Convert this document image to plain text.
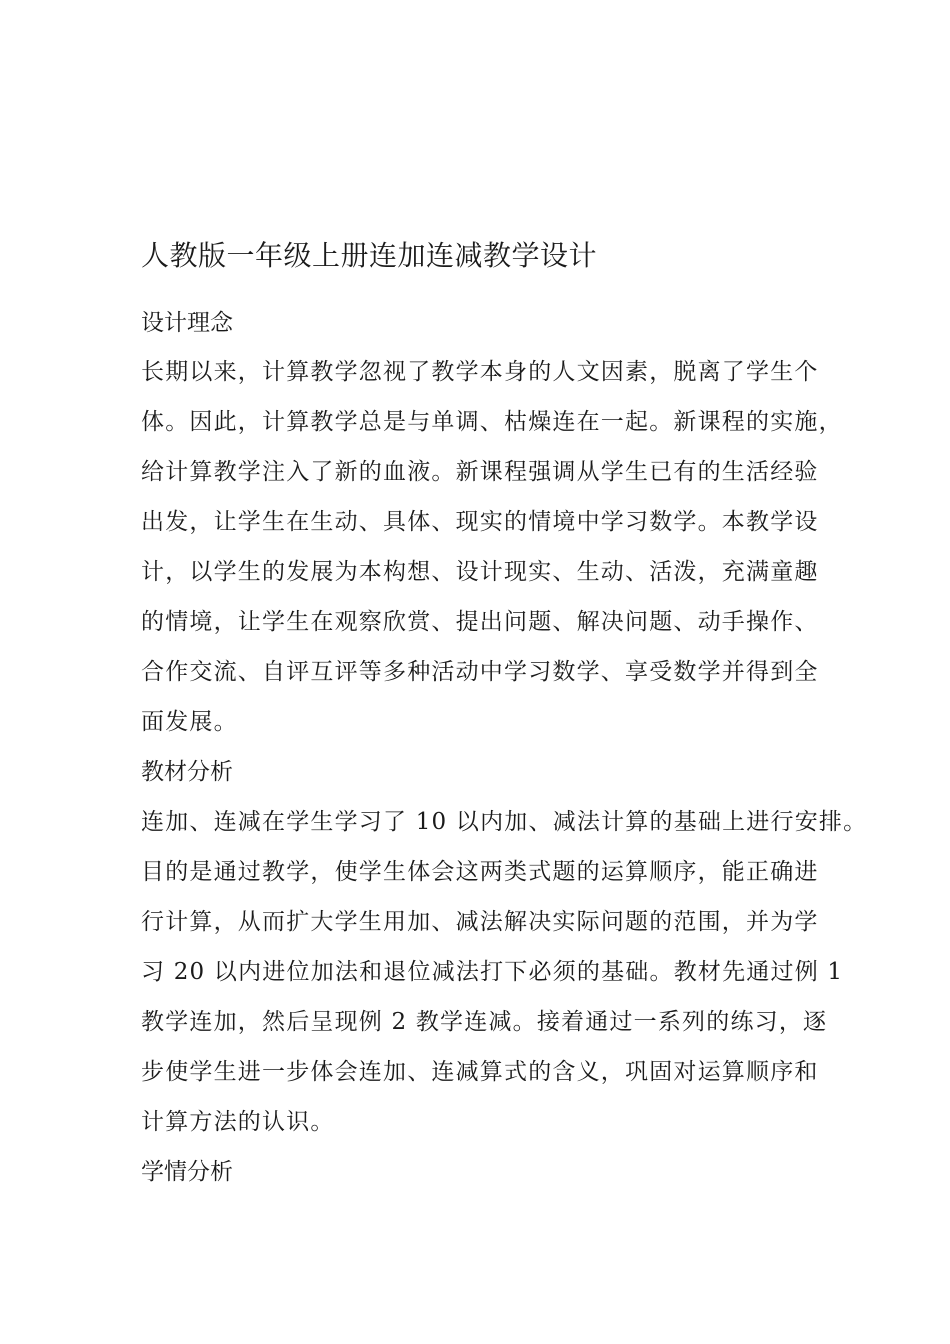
人教版一年级上册连加连减教学设计
设计理念
长期以来，计算教学忽视了教学本身的人文因素，脱离了学生个
体。因此，计算教学总是与单调、枯燥连在一起。新课程的实施，
给计算教学注入了新的血液。新课程强调从学生已有的生活经验
出发，让学生在生动、具体、现实的情境中学习数学。本教学设
计，以学生的发展为本构想、设计现实、生动、活泼，充满童趣
的情境，让学生在观察欣赏、提出问题、解决问题、动手操作、
合作交流、自评互评等多种活动中学习数学、享受数学并得到全
面发展。
教材分析
连加、连减在学生学习了 10 以内加、减法计算的基础上进行安排。
目的是通过教学，使学生体会这两类式题的运算顺序，能正确进
行计算，从而扩大学生用加、减法解决实际问题的范围，并为学
习 20 以内进位加法和退位减法打下必须的基础。教材先通过例 1
教学连加，然后呈现例 2 教学连减。接着通过一系列的练习，逐
步使学生进一步体会连加、连减算式的含义，巩固对运算顺序和
计算方法的认识。
学情分析
